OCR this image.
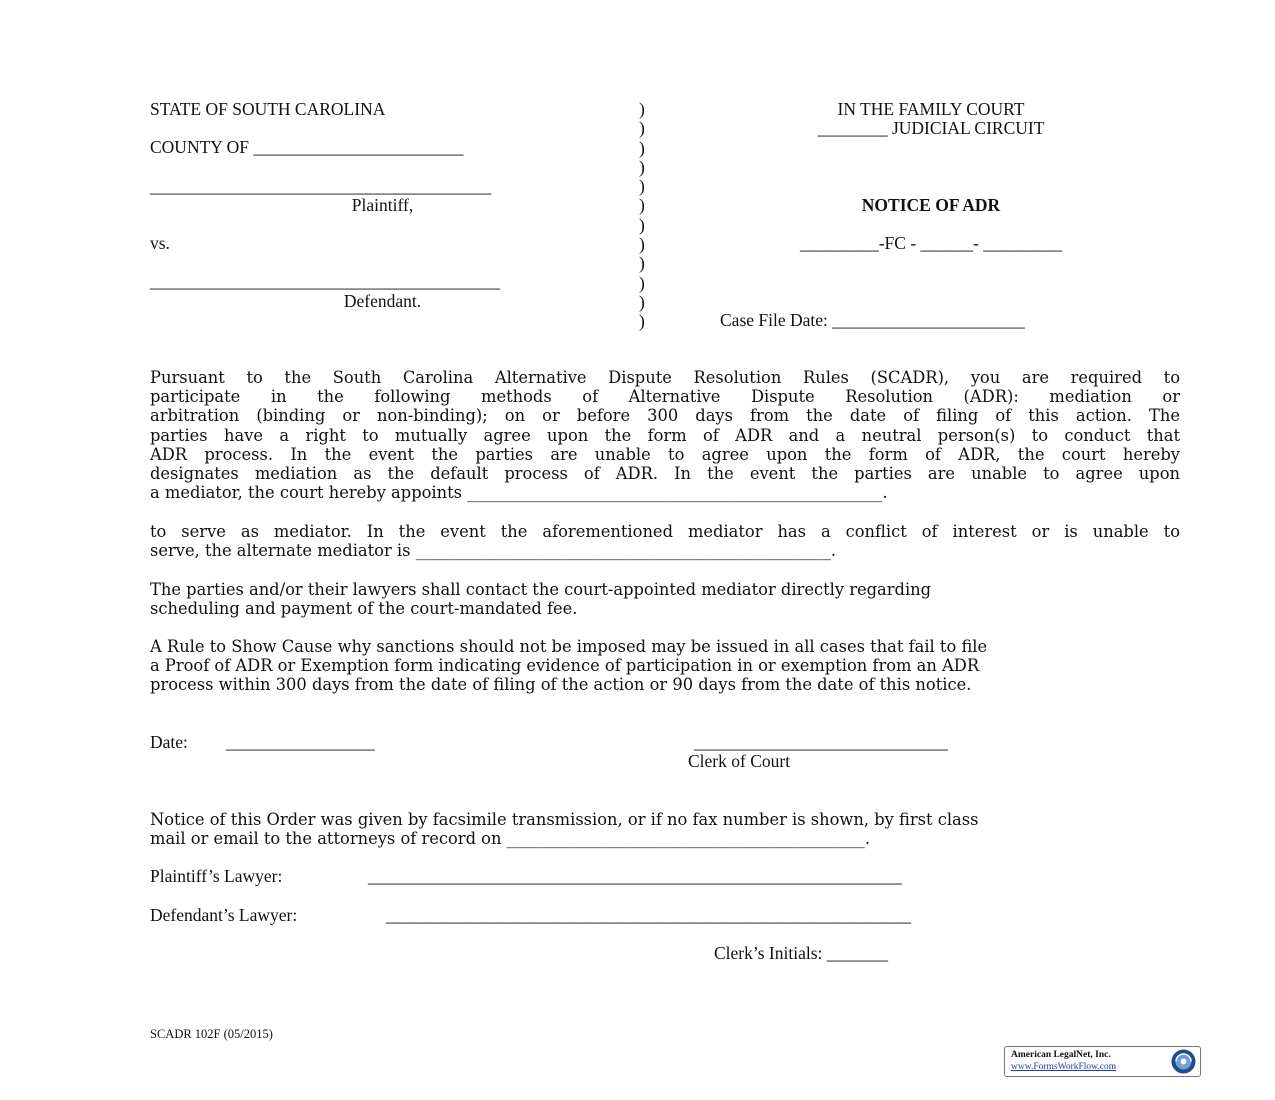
STATE OF SOUTH CAROLINA
COUNTY OF ________________________
_______________________________________
Plaintiff,
vs.
________________________________________
Defendant.
)
)
)
)
)
)
)
)
)
)
)
)
IN THE FAMILY COURT
________ JUDICIAL CIRCUIT
NOTICE OF ADR
_________-FC - ______- _________
Case File Date: ______________________
Pursuant to the South Carolina Alternative Dispute Resolution Rules (SCADR), you are required to
participate in the following methods of Alternative Dispute Resolution (ADR): mediation or
arbitration (binding or non-binding); on or before 300 days from the date of filing of this action. The
parties have a right to mutually agree upon the form of ADR and a neutral person(s) to conduct that
ADR process. In the event the parties are unable to agree upon the form of ADR, the court hereby
designates mediation as the default process of ADR. In the event the parties are unable to agree upon
a mediator, the court hereby appoints ___________________________________________________.
to serve as mediator. In the event the aforementioned mediator has a conflict of interest or is unable to
serve, the alternate mediator is ___________________________________________________.
The parties and/or their lawyers shall contact the court-appointed mediator directly regarding
scheduling and payment of the court-mandated fee.
A Rule to Show Cause why sanctions should not be imposed may be issued in all cases that fail to file
a Proof of ADR or Exemption form indicating evidence of participation in or exemption from an ADR
process within 300 days from the date of filing of the action or 90 days from the date of this notice.
Date: _________________	_____________________________
Clerk of Court
Notice of this Order was given by facsimile transmission, or if no fax number is shown, by first class
mail or email to the attorneys of record on ____________________________________________.
Plaintiff’s Lawyer:	_____________________________________________________________
Defendant’s Lawyer:	____________________________________________________________
Clerk’s Initials: _______
SCADR 102F (05/2015)
American LegalNet, Inc.
www.FormsWorkFlow.com
